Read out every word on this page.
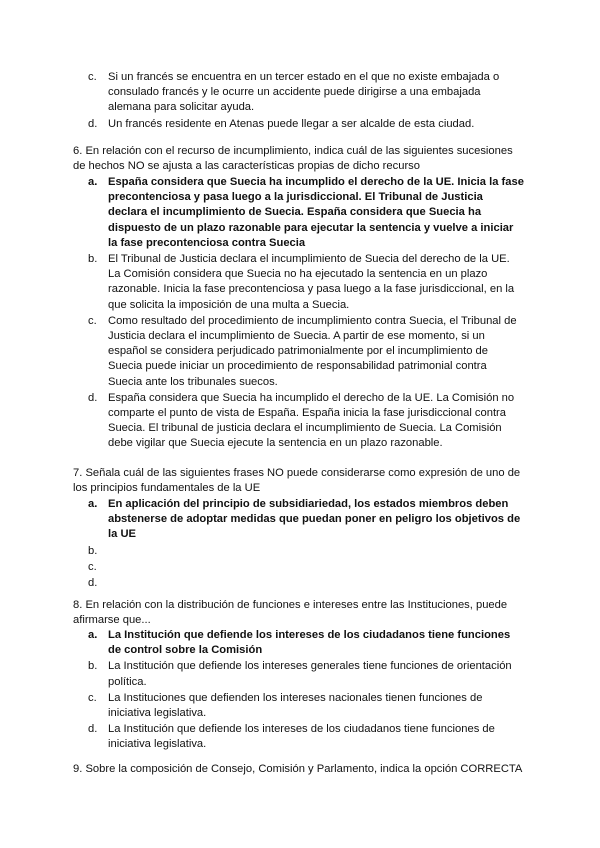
c. Si un francés se encuentra en un tercer estado en el que no existe embajada o consulado francés y le ocurre un accidente puede dirigirse a una embajada alemana para solicitar ayuda.
d. Un francés residente en Atenas puede llegar a ser alcalde de esta ciudad.
6. En relación con el recurso de incumplimiento, indica cuál de las siguientes sucesiones de hechos NO se ajusta a las características propias de dicho recurso
a. España considera que Suecia ha incumplido el derecho de la UE. Inicia la fase precontenciosa y pasa luego a la jurisdiccional. El Tribunal de Justicia declara el incumplimiento de Suecia. España considera que Suecia ha dispuesto de un plazo razonable para ejecutar la sentencia y vuelve a iniciar la fase precontenciosa contra Suecia
b. El Tribunal de Justicia declara el incumplimiento de Suecia del derecho de la UE. La Comisión considera que Suecia no ha ejecutado la sentencia en un plazo razonable. Inicia la fase precontenciosa y pasa luego a la fase jurisdiccional, en la que solicita la imposición de una multa a Suecia.
c. Como resultado del procedimiento de incumplimiento contra Suecia, el Tribunal de Justicia declara el incumplimiento de Suecia. A partir de ese momento, si un español se considera perjudicado patrimonialmente por el incumplimiento de Suecia puede iniciar un procedimiento de responsabilidad patrimonial contra Suecia ante los tribunales suecos.
d. España considera que Suecia ha incumplido el derecho de la UE. La Comisión no comparte el punto de vista de España. España inicia la fase jurisdiccional contra Suecia. El tribunal de justicia declara el incumplimiento de Suecia. La Comisión debe vigilar que Suecia ejecute la sentencia en un plazo razonable.
7. Señala cuál de las siguientes frases NO puede considerarse como expresión de uno de los principios fundamentales de la UE
a. En aplicación del principio de subsidiariedad, los estados miembros deben abstenerse de adoptar medidas que puedan poner en peligro los objetivos de la UE
b.
c.
d.
8. En relación con la distribución de funciones e intereses entre las Instituciones, puede afirmarse que...
a. La Institución que defiende los intereses de los ciudadanos tiene funciones de control sobre la Comisión
b. La Institución que defiende los intereses generales tiene funciones de orientación política.
c. La Instituciones que defienden los intereses nacionales tienen funciones de iniciativa legislativa.
d. La Institución que defiende los intereses de los ciudadanos tiene funciones de iniciativa legislativa.
9. Sobre la composición de Consejo, Comisión y Parlamento, indica la opción CORRECTA
